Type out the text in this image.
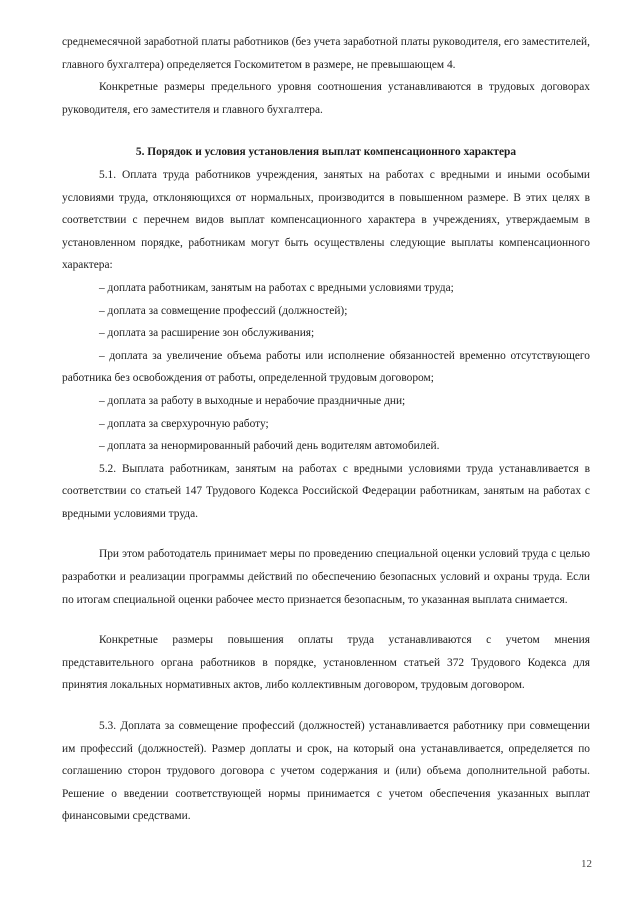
среднемесячной заработной платы работников (без учета заработной платы руководителя, его заместителей, главного бухгалтера) определяется Госкомитетом в размере, не превышающем 4.

Конкретные размеры предельного уровня соотношения устанавливаются в трудовых договорах руководителя, его заместителя и главного бухгалтера.

5. Порядок и условия установления выплат компенсационного характера

5.1. Оплата труда работников учреждения, занятых на работах с вредными и иными особыми условиями труда, отклоняющихся от нормальных, производится в повышенном размере. В этих целях в соответствии с перечнем видов выплат компенсационного характера в учреждениях, утверждаемым в установленном порядке, работникам могут быть осуществлены следующие выплаты компенсационного характера:

– доплата работникам, занятым на работах с вредными условиями труда;

– доплата за совмещение профессий (должностей);

– доплата за расширение зон обслуживания;

– доплата за увеличение объема работы или исполнение обязанностей временно отсутствующего работника без освобождения от работы, определенной трудовым договором;

– доплата за работу в выходные и нерабочие праздничные дни;

– доплата за сверхурочную работу;

– доплата за ненормированный рабочий день водителям автомобилей.

5.2. Выплата работникам, занятым на работах с вредными условиями труда устанавливается в соответствии со статьей 147 Трудового Кодекса Российской Федерации работникам, занятым на работах с вредными условиями труда.

При этом работодатель принимает меры по проведению специальной оценки условий труда с целью разработки и реализации программы действий по обеспечению безопасных условий и охраны труда. Если по итогам специальной оценки рабочее место признается безопасным, то указанная выплата снимается.

Конкретные размеры повышения оплаты труда устанавливаются с учетом мнения представительного органа работников в порядке, установленном статьей 372 Трудового Кодекса для принятия локальных нормативных актов, либо коллективным договором, трудовым договором.

5.3. Доплата за совмещение профессий (должностей) устанавливается работнику при совмещении им профессий (должностей). Размер доплаты и срок, на который она устанавливается, определяется по соглашению сторон трудового договора с учетом содержания и (или) объема дополнительной работы. Решение о введении соответствующей нормы принимается с учетом обеспечения указанных выплат финансовыми средствами.

12
